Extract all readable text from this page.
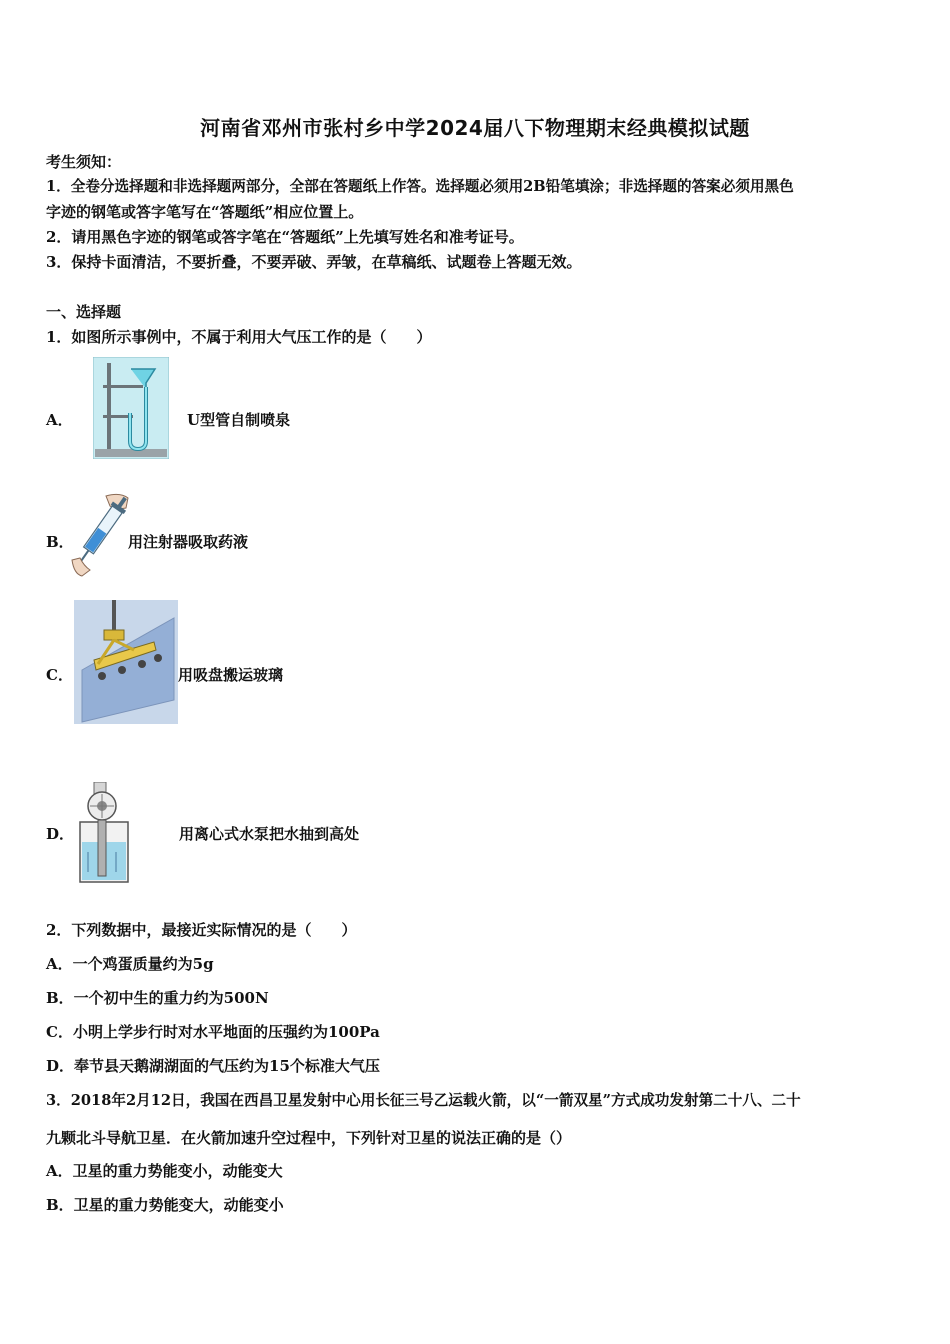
河南省邓州市张村乡中学2024届八下物理期末经典模拟试题
考生须知：
1．全卷分选择题和非选择题两部分，全部在答题纸上作答。选择题必须用2B铅笔填涂；非选择题的答案必须用黑色
字迹的钢笔或答字笔写在“答题纸”相应位置上。
2．请用黑色字迹的钢笔或答字笔在“答题纸”上先填写姓名和准考证号。
3．保持卡面清洁，不要折叠，不要弄破、弄皱，在草稿纸、试题卷上答题无效。
一、选择题
1．如图所示事例中，不属于利用大气压工作的是（　　）
A．	U型管自制喷泉
B．	用注射器吸取药液
C．	用吸盘搬运玻璃
D．	用离心式水泵把水抽到高处
2．下列数据中，最接近实际情况的是（　　）
A．一个鸡蛋质量约为5g
B．一个初中生的重力约为500N
C．小明上学步行时对水平地面的压强约为100Pa
D．奉节县天鹅湖湖面的气压约为15个标准大气压
3．2018年2月12日，我国在西昌卫星发射中心用长征三号乙运载火箭，以“一箭双星”方式成功发射第二十八、二十
九颗北斗导航卫星．在火箭加速升空过程中，下列针对卫星的说法正确的是（）
A．卫星的重力势能变小，动能变大
B．卫星的重力势能变大，动能变小
